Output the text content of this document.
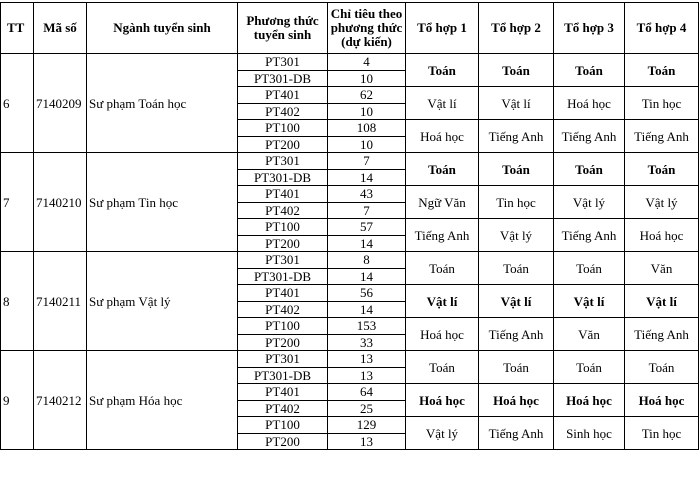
TT	Mã số	Ngành tuyển sinh	Phương thức tuyển sinh	Chỉ tiêu theo phương thức (dự kiến)	Tổ hợp 1	Tổ hợp 2	Tổ hợp 3	Tổ hợp 4
6	7140209	Sư phạm Toán học	PT301	4	Toán	Toán	Toán	Toán
			PT301-DB	10				
			PT401	62	Vật lí	Vật lí	Hoá học	Tin học
			PT402	10				
			PT100	108	Hoá học	Tiếng Anh	Tiếng Anh	Tiếng Anh
			PT200	10				
7	7140210	Sư phạm Tin học	PT301	7	Toán	Toán	Toán	Toán
			PT301-DB	14				
			PT401	43	Ngữ Văn	Tin học	Vật lý	Vật lý
			PT402	7				
			PT100	57	Tiếng Anh	Vật lý	Tiếng Anh	Hoá học
			PT200	14				
8	7140211	Sư phạm Vật lý	PT301	8	Toán	Toán	Toán	Văn
			PT301-DB	14				
			PT401	56	Vật lí	Vật lí	Vật lí	Vật lí
			PT402	14				
			PT100	153	Hoá học	Tiếng Anh	Văn	Tiếng Anh
			PT200	33				
9	7140212	Sư phạm Hóa học	PT301	13	Toán	Toán	Toán	Toán
			PT301-DB	13				
			PT401	64	Hoá học	Hoá học	Hoá học	Hoá học
			PT402	25				
			PT100	129	Vật lý	Tiếng Anh	Sinh học	Tin học
			PT200	13				
